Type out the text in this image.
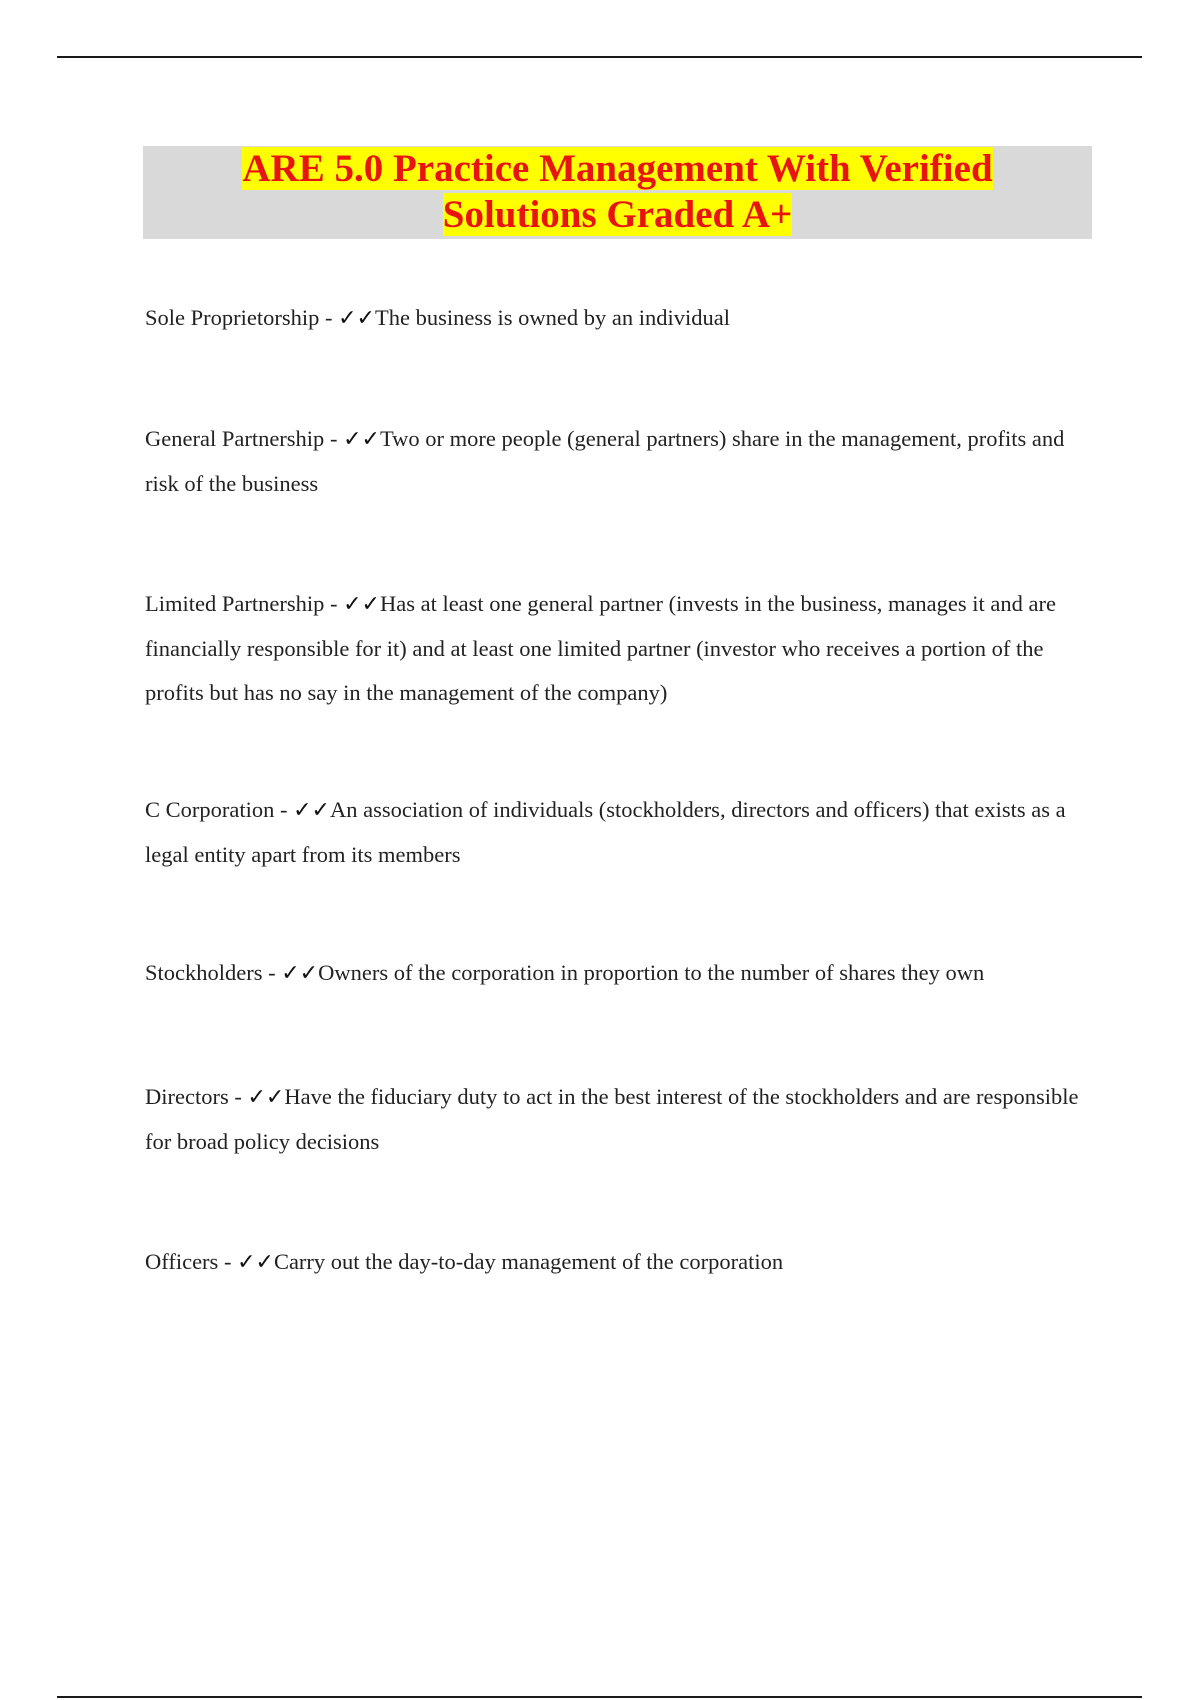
ARE 5.0 Practice Management With Verified
Solutions Graded A+
Sole Proprietorship - ✓✓The business is owned by an individual
General Partnership - ✓✓Two or more people (general partners) share in the management, profits and risk of the business
Limited Partnership - ✓✓Has at least one general partner (invests in the business, manages it and are financially responsible for it) and at least one limited partner (investor who receives a portion of the profits but has no say in the management of the company)
C Corporation - ✓✓An association of individuals (stockholders, directors and officers) that exists as a legal entity apart from its members
Stockholders - ✓✓Owners of the corporation in proportion to the number of shares they own
Directors - ✓✓Have the fiduciary duty to act in the best interest of the stockholders and are responsible for broad policy decisions
Officers - ✓✓Carry out the day-to-day management of the corporation
